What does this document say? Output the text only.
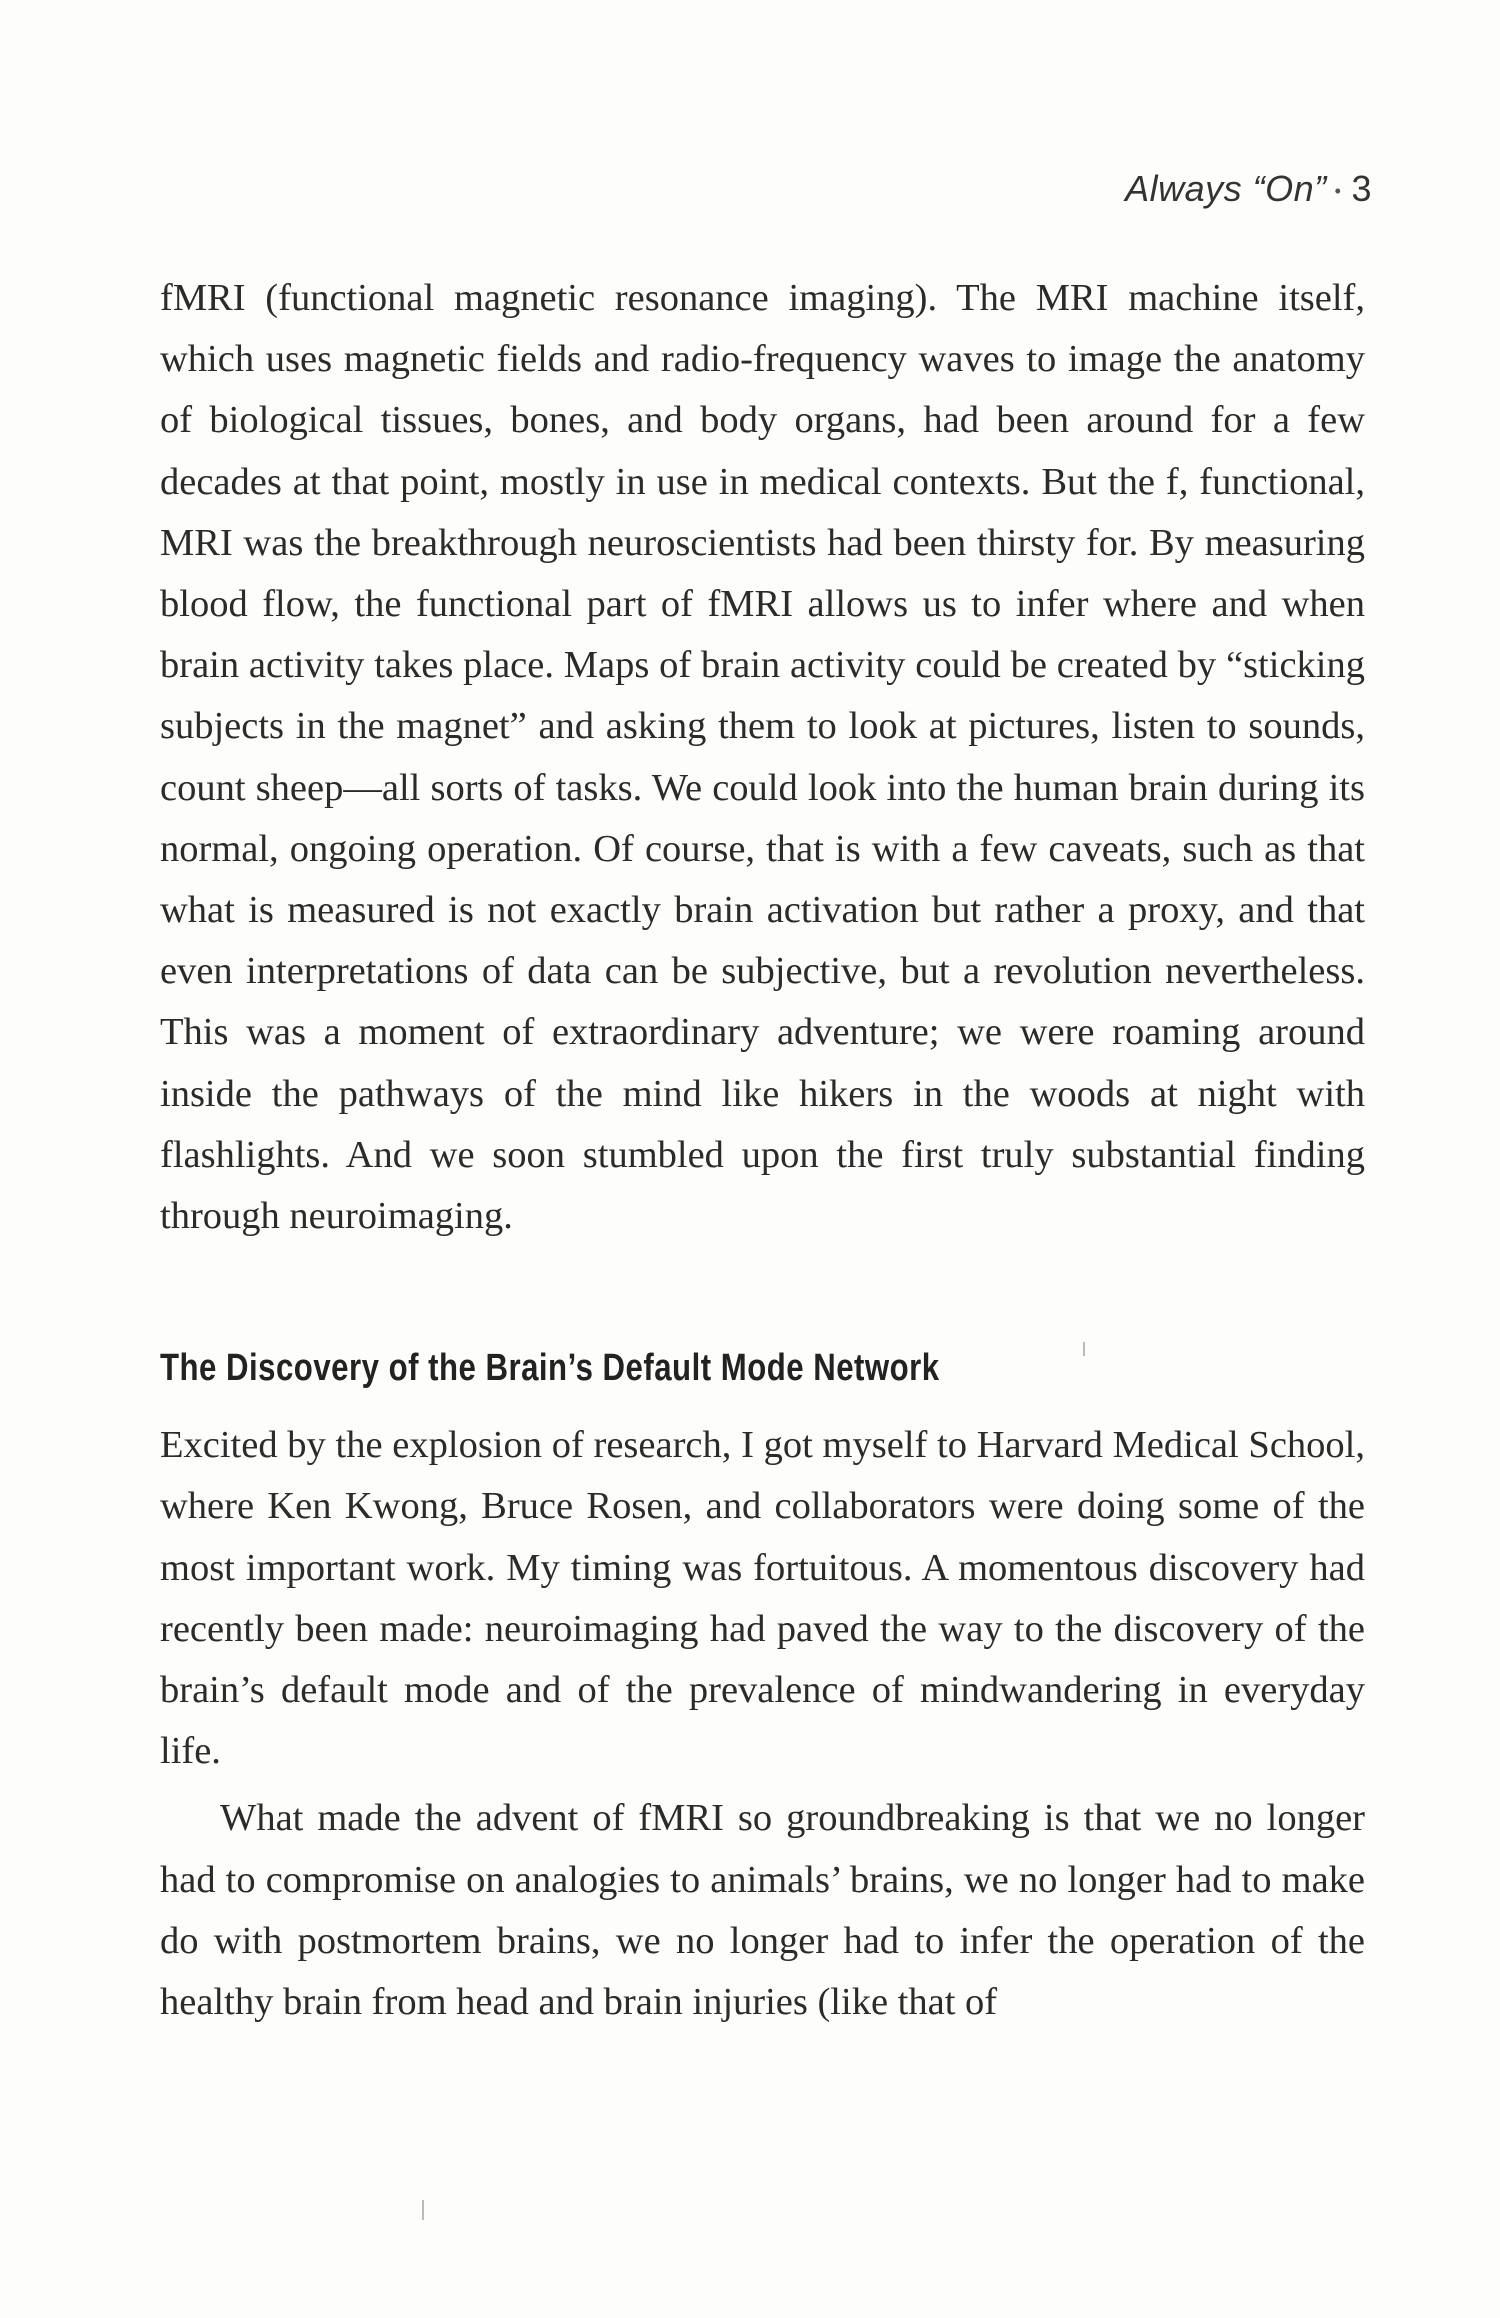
Always “On” • 3

fMRI (functional magnetic resonance imaging). The MRI machine itself, which uses magnetic fields and radio-frequency waves to image the anatomy of biological tissues, bones, and body organs, had been around for a few decades at that point, mostly in use in medical contexts. But the f, functional, MRI was the breakthrough neuroscientists had been thirsty for. By measuring blood flow, the functional part of fMRI allows us to infer where and when brain activity takes place. Maps of brain activity could be created by “sticking subjects in the magnet” and asking them to look at pictures, listen to sounds, count sheep—all sorts of tasks. We could look into the human brain during its normal, ongoing operation. Of course, that is with a few caveats, such as that what is measured is not exactly brain activation but rather a proxy, and that even interpretations of data can be subjective, but a revolution nevertheless. This was a moment of extraordinary adventure; we were roaming around inside the pathways of the mind like hikers in the woods at night with flashlights. And we soon stumbled upon the first truly substantial finding through neuroimaging.

The Discovery of the Brain’s Default Mode Network

Excited by the explosion of research, I got myself to Harvard Medical School, where Ken Kwong, Bruce Rosen, and collaborators were doing some of the most important work. My timing was fortuitous. A momentous discovery had recently been made: neuroimaging had paved the way to the discovery of the brain’s default mode and of the prevalence of mindwandering in everyday life.

What made the advent of fMRI so groundbreaking is that we no longer had to compromise on analogies to animals’ brains, we no longer had to make do with postmortem brains, we no longer had to infer the operation of the healthy brain from head and brain injuries (like that of
